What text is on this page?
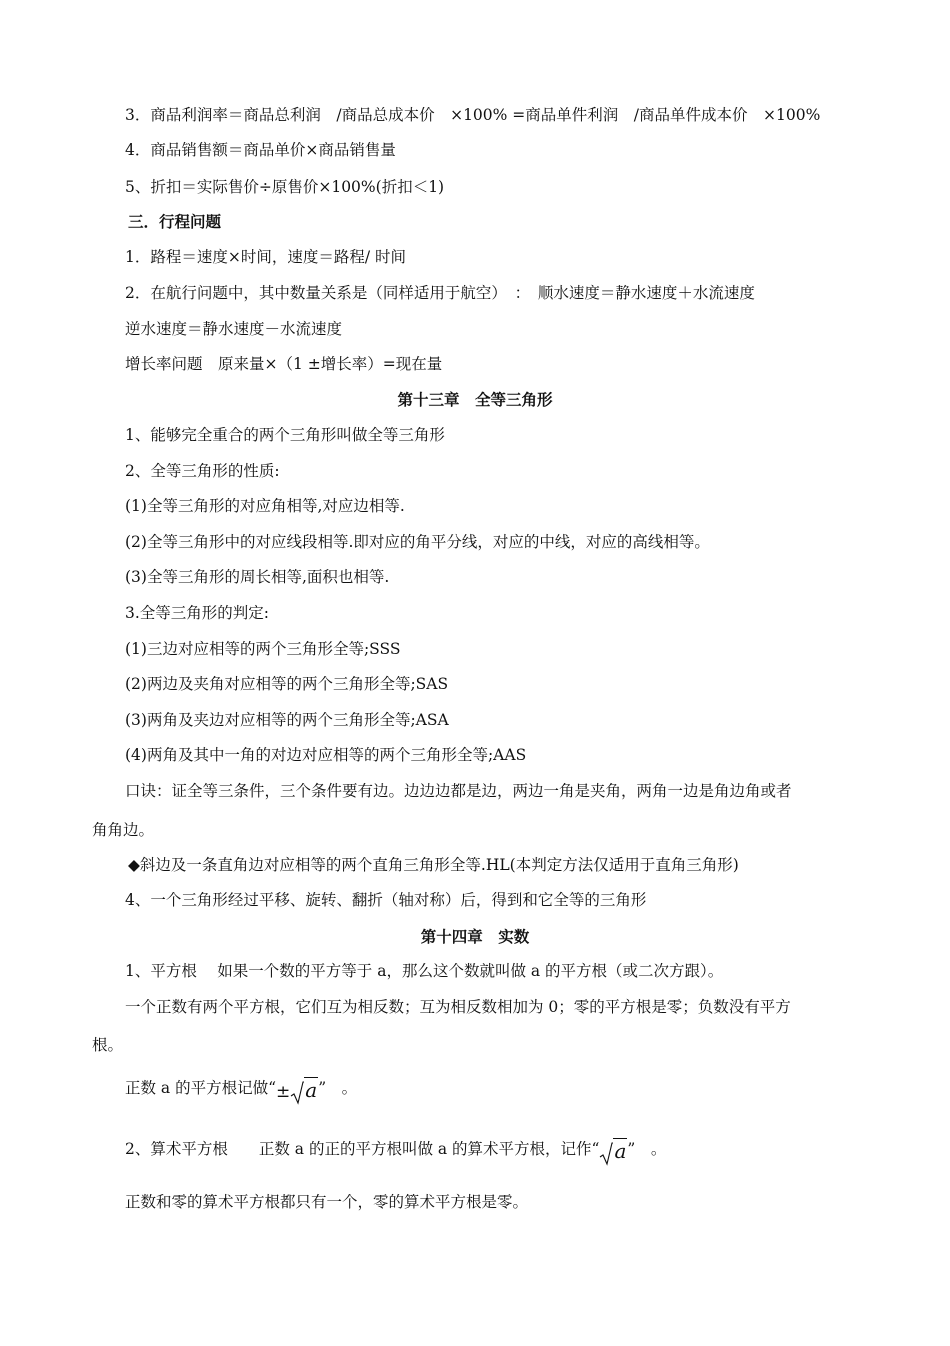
3．商品利润率＝商品总利润　/商品总成本价　×100% =商品单件利润　/商品单件成本价　×100%
4．商品销售额＝商品单价×商品销售量
5、折扣＝实际售价÷原售价×100%(折扣＜1)
三．行程问题
1．路程＝速度×时间，速度＝路程/ 时间
2．在航行问题中，其中数量关系是（同样适用于航空）　：　顺水速度＝静水速度＋水流速度
逆水速度＝静水速度－水流速度
增长率问题　原来量×（1 ±增长率）=现在量
第十三章　全等三角形
1、能够完全重合的两个三角形叫做全等三角形
2、全等三角形的性质:
(1)全等三角形的对应角相等,对应边相等.
(2)全等三角形中的对应线段相等.即对应的角平分线，对应的中线，对应的高线相等。
(3)全等三角形的周长相等,面积也相等.
3.全等三角形的判定:
(1)三边对应相等的两个三角形全等;SSS
(2)两边及夹角对应相等的两个三角形全等;SAS
(3)两角及夹边对应相等的两个三角形全等;ASA
(4)两角及其中一角的对边对应相等的两个三角形全等;AAS
口诀：证全等三条件，三个条件要有边。边边边都是边，两边一角是夹角，两角一边是角边角或者
角角边。
◆斜边及一条直角边对应相等的两个直角三角形全等.HL(本判定方法仅适用于直角三角形)
4、一个三角形经过平移、旋转、翻折（轴对称）后，得到和它全等的三角形
第十四章　实数
1、平方根　 如果一个数的平方等于 a，那么这个数就叫做 a 的平方根（或二次方跟）。
一个正数有两个平方根，它们互为相反数；互为相反数相加为 0；零的平方根是零；负数没有平方
根。
正数 a 的平方根记做“± a”　。
2、算术平方根　　正数 a 的正的平方根叫做 a 的算术平方根，记作“ a”　。
正数和零的算术平方根都只有一个，零的算术平方根是零。
